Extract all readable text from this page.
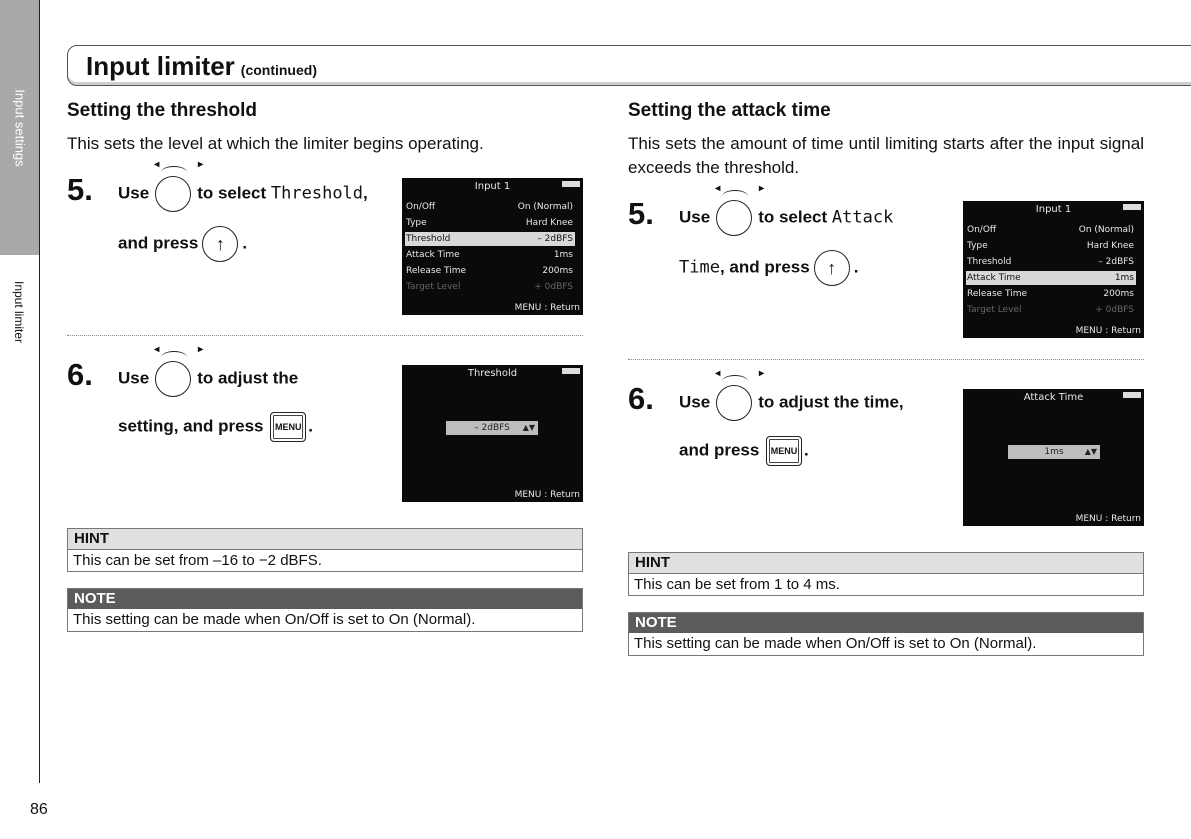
Input settings
Input limiter
86
Input limiter (continued)
Setting the threshold
This sets the level at which the limiter begins operating.
5. Use ◂ ▸	to select Threshold,
and press ↑ .
Input 1
On/Off	On (Normal)
Type	Hard Knee
Threshold	– 2dBFS
Attack Time	1ms
Release Time	200ms
Target Level	+ 0dBFS
MENU : Return
6. Use ◂ ▸	to adjust the
setting, and press MENU .
Threshold
– 2dBFS ▲▼
MENU : Return
HINT
This can be set from –16 to −2 dBFS.
NOTE
This setting can be made when On/Off is set to On (Normal).
Setting the attack time
This sets the amount of time until limiting starts after the input signal exceeds the threshold.
5. Use ◂ ▸	to select Attack
Time, and press ↑ .
Input 1
On/Off	On (Normal)
Type	Hard Knee
Threshold	– 2dBFS
Attack Time	1ms
Release Time	200ms
Target Level	+ 0dBFS
MENU : Return
6. Use ◂ ▸	to adjust the time,
and press MENU .
Attack Time
1ms	▲▼
MENU : Return
HINT
This can be set from 1 to 4 ms.
NOTE
This setting can be made when On/Off is set to On (Normal).
